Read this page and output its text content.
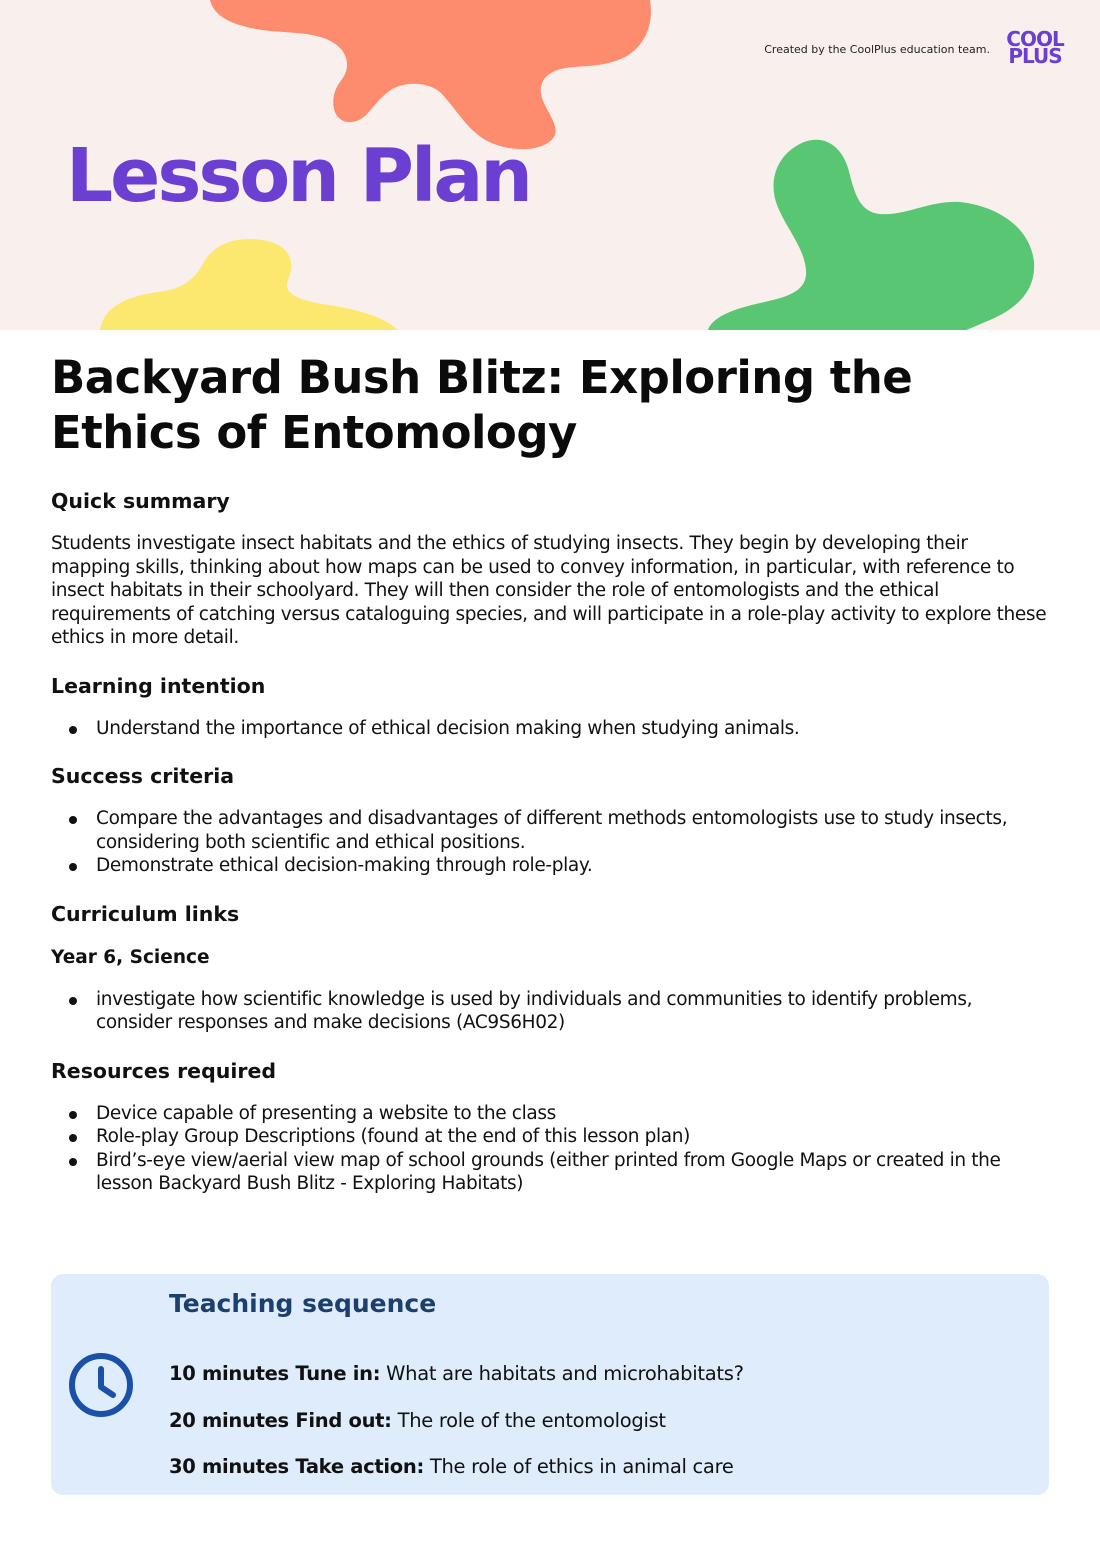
Created by the CoolPlus education team. COOL
PLUS
Lesson Plan
Backyard Bush Blitz: Exploring the Ethics of Entomology
Quick summary

Students investigate insect habitats and the ethics of studying insects. They begin by developing their mapping skills, thinking about how maps can be used to convey information, in particular, with reference to insect habitats in their schoolyard. They will then consider the role of entomologists and the ethical requirements of catching versus cataloguing species, and will participate in a role-play activity to explore these ethics in more detail.

Learning intention
Understand the importance of ethical decision making when studying animals.
Success criteria
Compare the advantages and disadvantages of different methods entomologists use to study insects, considering both scientific and ethical positions.
Demonstrate ethical decision-making through role-play.
Curriculum links
Year 6, Science
investigate how scientific knowledge is used by individuals and communities to identify problems, consider responses and make decisions (AC9S6H02)
Resources required
Device capable of presenting a website to the class
Role-play Group Descriptions (found at the end of this lesson plan)
Bird’s-eye view/aerial view map of school grounds (either printed from Google Maps or created in the lesson Backyard Bush Blitz - Exploring Habitats)
Teaching sequence
10 minutes Tune in: What are habitats and microhabitats?
20 minutes Find out: The role of the entomologist
30 minutes Take action: The role of ethics in animal care
